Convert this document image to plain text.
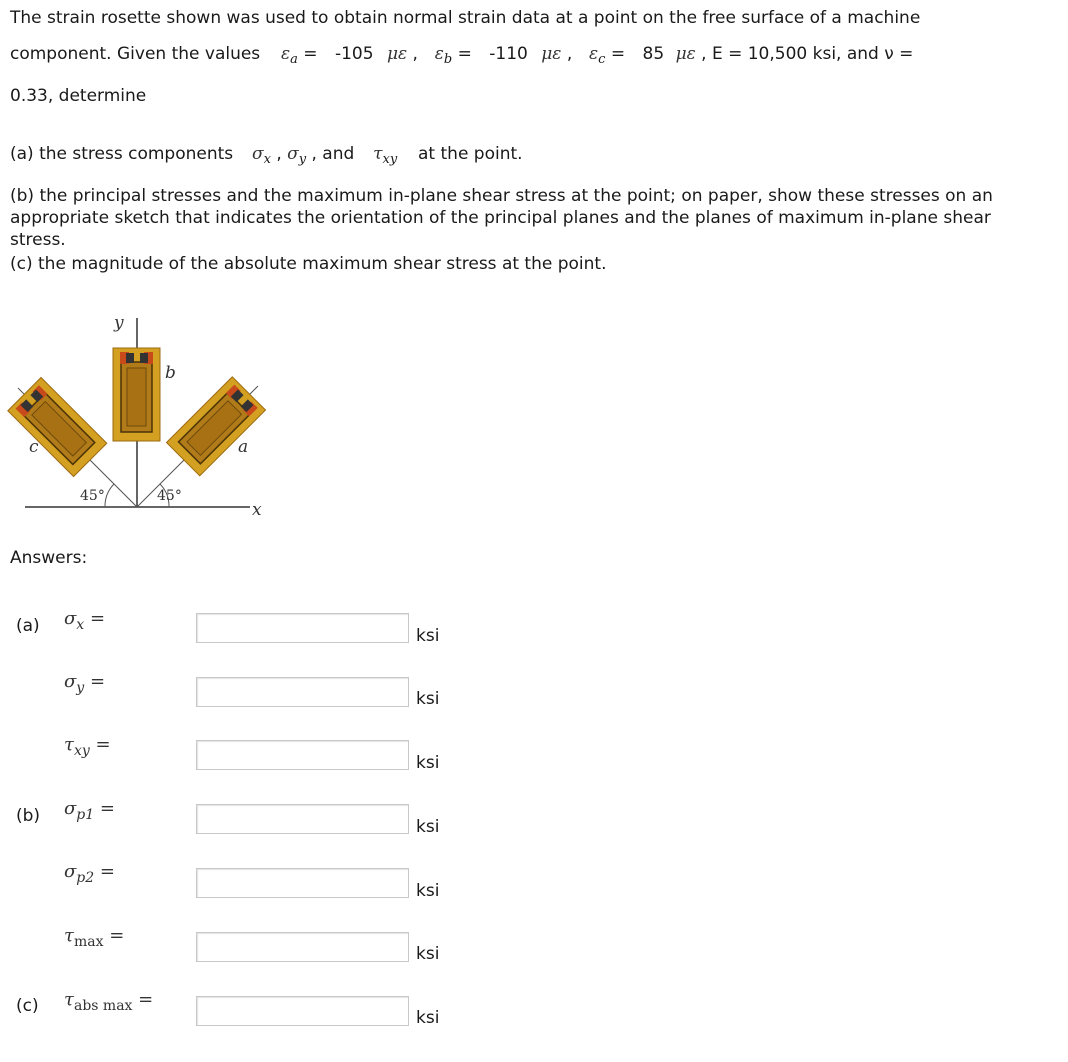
The strain rosette shown was used to obtain normal strain data at a point on the free surface of a machine
component. Given the values $\varepsilon_a = -105$ με , $\varepsilon_b = -110$ με , $\varepsilon_c = 85$ με , E = 10,500 ksi, and ν =
0.33, determine
(a) the stress components $\sigma_x$ , $\sigma_y$ , and $\tau_{xy}$ at the point.
(b) the principal stresses and the maximum in-plane shear stress at the point; on paper, show these stresses on an appropriate sketch that indicates the orientation of the principal planes and the planes of maximum in-plane shear stress.
(c) the magnitude of the absolute maximum shear stress at the point.
y
b
a
c
x
45°	45°
Answers:
(a)
(b)
(c)
$\sigma_x$ =
ksi
$\sigma_y$ =
ksi
$\tau_{xy}$ =
ksi
$\sigma_{p1}$ =
ksi
$\sigma_{p2}$ =
ksi
$\tau_{max}$ =
ksi
$\tau_{abs max}$ =
ksi
